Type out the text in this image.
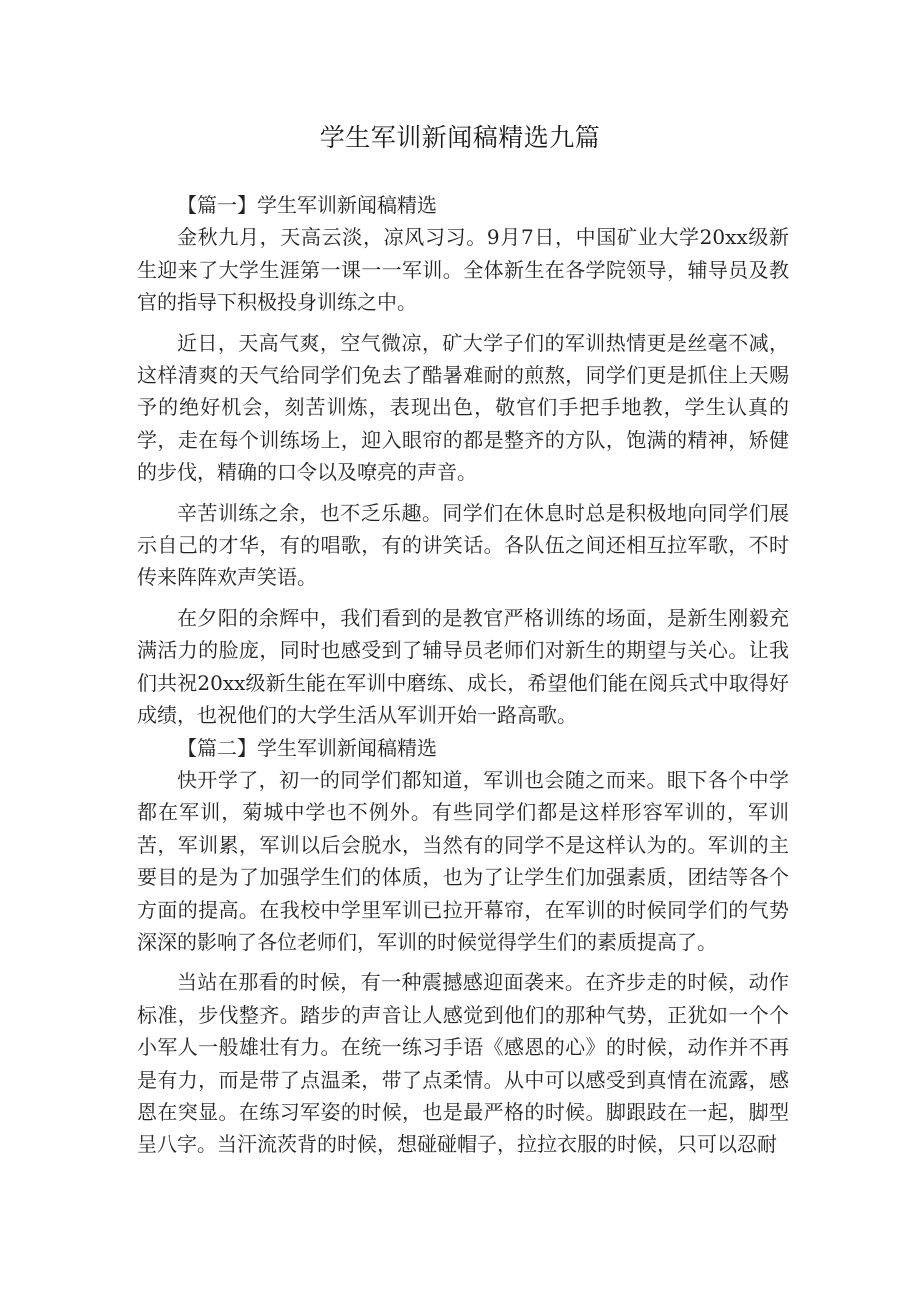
学生军训新闻稿精选九篇

【篇一】学生军训新闻稿精选

金秋九月，天高云淡，凉风习习。9月7日，中国矿业大学20xx级新生迎来了大学生涯第一课一一军训。全体新生在各学院领导，辅导员及教官的指导下积极投身训练之中。

近日，天高气爽，空气微凉，矿大学子们的军训热情更是丝毫不减，这样清爽的天气给同学们免去了酷暑难耐的煎熬，同学们更是抓住上天赐予的绝好机会，刻苦训炼，表现出色，敬官们手把手地教，学生认真的学，走在每个训练场上，迎入眼帘的都是整齐的方队，饱满的精神，矫健的步伐，精确的口令以及嘹亮的声音。

辛苦训练之余，也不乏乐趣。同学们在休息时总是积极地向同学们展示自己的才华，有的唱歌，有的讲笑话。各队伍之间还相互拉军歌，不时传来阵阵欢声笑语。

在夕阳的余辉中，我们看到的是教官严格训练的场面，是新生刚毅充满活力的脸庞，同时也感受到了辅导员老师们对新生的期望与关心。让我们共祝20xx级新生能在军训中磨练、成长，希望他们能在阅兵式中取得好成绩，也祝他们的大学生活从军训开始一路高歌。

【篇二】学生军训新闻稿精选

快开学了，初一的同学们都知道，军训也会随之而来。眼下各个中学都在军训，菊城中学也不例外。有些同学们都是这样形容军训的，军训苦，军训累，军训以后会脱水，当然有的同学不是这样认为的。军训的主要目的是为了加强学生们的体质，也为了让学生们加强素质，团结等各个方面的提高。在我校中学里军训已拉开幕帘，在军训的时候同学们的气势深深的影响了各位老师们，军训的时候觉得学生们的素质提高了。

当站在那看的时候，有一种震撼感迎面袭来。在齐步走的时候，动作标准，步伐整齐。踏步的声音让人感觉到他们的那种气势，正犹如一个个小军人一般雄壮有力。在统一练习手语《感恩的心》的时候，动作并不再是有力，而是带了点温柔，带了点柔情。从中可以感受到真情在流露，感恩在突显。在练习军姿的时候，也是最严格的时候。脚跟跂在一起，脚型呈八字。当汗流茨背的时候，想碰碰帽子，拉拉衣服的时候，只可以忍耐
